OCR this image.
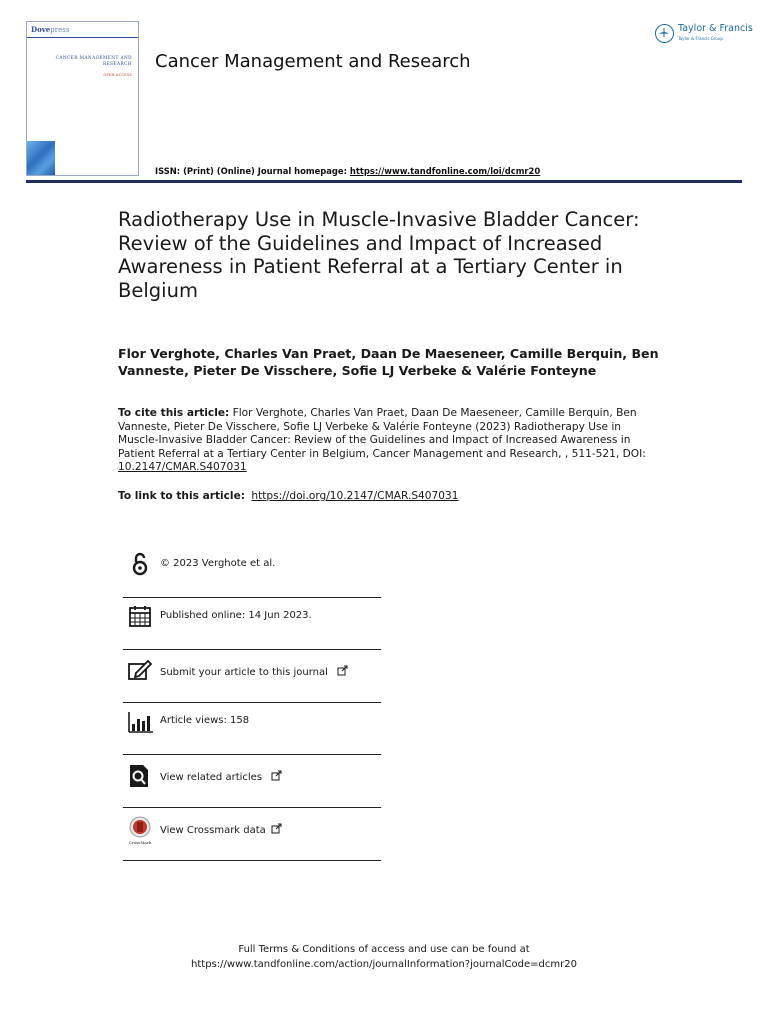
Dovepress
CANCER MANAGEMENT AND RESEARCH
OPEN ACCESS
Cancer Management and Research
Taylor & Francis
Taylor & Francis Group
ISSN: (Print) (Online) Journal homepage: https://www.tandfonline.com/loi/dcmr20
Radiotherapy Use in Muscle-Invasive Bladder Cancer: Review of the Guidelines and Impact of Increased Awareness in Patient Referral at a Tertiary Center in Belgium
Flor Verghote, Charles Van Praet, Daan De Maeseneer, Camille Berquin, Ben Vanneste, Pieter De Visschere, Sofie LJ Verbeke & Valérie Fonteyne
To cite this article: Flor Verghote, Charles Van Praet, Daan De Maeseneer, Camille Berquin, Ben Vanneste, Pieter De Visschere, Sofie LJ Verbeke & Valérie Fonteyne (2023) Radiotherapy Use in Muscle-Invasive Bladder Cancer: Review of the Guidelines and Impact of Increased Awareness in Patient Referral at a Tertiary Center in Belgium, Cancer Management and Research, , 511-521, DOI: 10.2147/CMAR.S407031
To link to this article: https://doi.org/10.2147/CMAR.S407031
© 2023 Verghote et al.
Published online: 14 Jun 2023.
Submit your article to this journal
Article views: 158
View related articles
CrossMark
View Crossmark data
Full Terms & Conditions of access and use can be found at
https://www.tandfonline.com/action/journalInformation?journalCode=dcmr20
